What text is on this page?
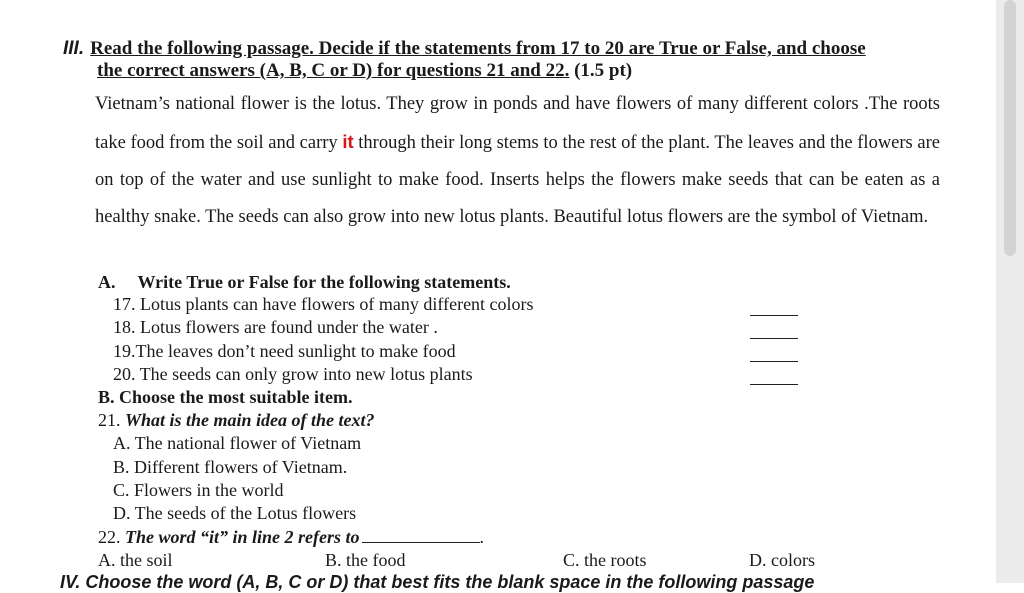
III. Read the following passage. Decide if the statements from 17 to 20 are True or False, and choose
the correct answers (A, B, C or D) for questions 21 and 22. (1.5 pt)
Vietnam’s national flower is the lotus. They grow in ponds and have flowers of many different colors .The roots take food from the soil and carry it through their long stems to the rest of the plant. The leaves and the flowers are on top of the water and use sunlight to make food. Inserts helps the flowers make seeds that can be eaten as a healthy snake. The seeds can also grow into new lotus plants. Beautiful lotus flowers are the symbol of Vietnam.
A. Write True or False for the following statements.
17. Lotus plants can have flowers of many different colors
18. Lotus flowers are found under the water .
19.The leaves don’t need sunlight to make food
20. The seeds can only grow into new lotus plants
B. Choose the most suitable item.
21. What is the main idea of the text?
A. The national flower of Vietnam
B. Different flowers of Vietnam.
C. Flowers in the world
D. The seeds of the Lotus flowers
22. The word “it” in line 2 refers to	.
A. the soil	B. the food	C. the roots	D. colors
IV. Choose the word (A, B, C or D) that best fits the blank space in the following passage
